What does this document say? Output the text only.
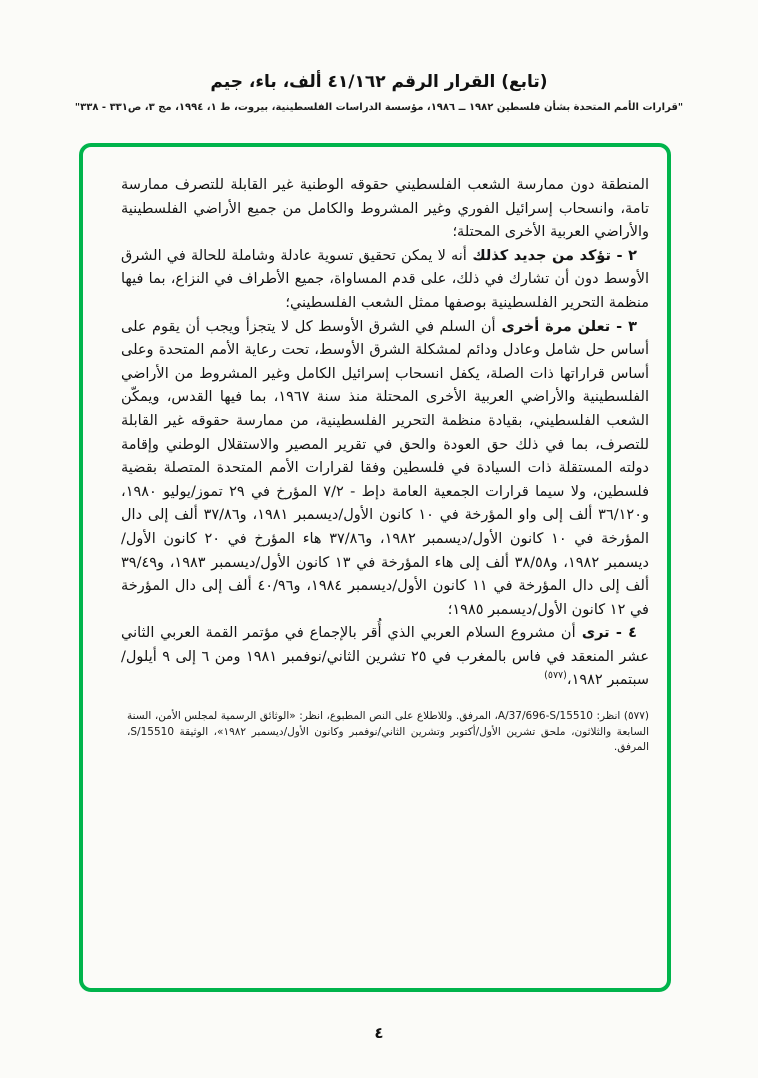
(تابع) القرار الرقم ٤١/١٦٢ ألف، باء، جيم
"قرارات الأمم المتحدة بشأن فلسطين ١٩٨٢ ــ ١٩٨٦، مؤسسة الدراسات الفلسطينية، بيروت، ط ١، ١٩٩٤، مج ٣، ص٣٣١ - ٣٣٨"

المنطقة دون ممارسة الشعب الفلسطيني حقوقه الوطنية غير القابلة للتصرف ممارسة تامة، وانسحاب إسرائيل الفوري وغير المشروط والكامل من جميع الأراضي الفلسطينية والأراضي العربية الأخرى المحتلة؛

٢ - تؤكد من جديد كذلك أنه لا يمكن تحقيق تسوية عادلة وشاملة للحالة في الشرق الأوسط دون أن تشارك في ذلك، على قدم المساواة، جميع الأطراف في النزاع، بما فيها منظمة التحرير الفلسطينية بوصفها ممثل الشعب الفلسطيني؛

٣ - تعلن مرة أخرى أن السلم في الشرق الأوسط كل لا يتجزأ ويجب أن يقوم على أساس حل شامل وعادل ودائم لمشكلة الشرق الأوسط، تحت رعاية الأمم المتحدة وعلى أساس قراراتها ذات الصلة، يكفل انسحاب إسرائيل الكامل وغير المشروط من الأراضي الفلسطينية والأراضي العربية الأخرى المحتلة منذ سنة ١٩٦٧، بما فيها القدس، ويمكّن الشعب الفلسطيني، بقيادة منظمة التحرير الفلسطينية، من ممارسة حقوقه غير القابلة للتصرف، بما في ذلك حق العودة والحق في تقرير المصير والاستقلال الوطني وإقامة دولته المستقلة ذات السيادة في فلسطين وفقا لقرارات الأمم المتحدة المتصلة بقضية فلسطين، ولا سيما قرارات الجمعية العامة دإط - ٧/٢ المؤرخ في ٢٩ تموز/يوليو ١٩٨٠، و٣٦/١٢٠ ألف إلى واو المؤرخة في ١٠ كانون الأول/ديسمبر ١٩٨١، و٣٧/٨٦ ألف إلى دال المؤرخة في ١٠ كانون الأول/ديسمبر ١٩٨٢، و٣٧/٨٦ هاء المؤرخ في ٢٠ كانون الأول/ديسمبر ١٩٨٢، و٣٨/٥٨ ألف إلى هاء المؤرخة في ١٣ كانون الأول/ديسمبر ١٩٨٣، و٣٩/٤٩ ألف إلى دال المؤرخة في ١١ كانون الأول/ديسمبر ١٩٨٤، و٤٠/٩٦ ألف إلى دال المؤرخة في ١٢ كانون الأول/ديسمبر ١٩٨٥؛

٤ - ترى أن مشروع السلام العربي الذي أُقر بالإجماع في مؤتمر القمة العربي الثاني عشر المنعقد في فاس بالمغرب في ٢٥ تشرين الثاني/نوفمبر ١٩٨١ ومن ٦ إلى ٩ أيلول/سبتمبر ١٩٨٢،$^{(٥٧٧)}$

(٥٧٧) انظر: A/37/696-S/15510، المرفق. وللاطلاع على النص المطبوع، انظر: «الوثائق الرسمية لمجلس الأمن، السنة السابعة والثلاثون، ملحق تشرين الأول/أكتوبر وتشرين الثاني/نوفمبر وكانون الأول/ديسمبر ١٩٨٢»، الوثيقة S/15510، المرفق.
٤
